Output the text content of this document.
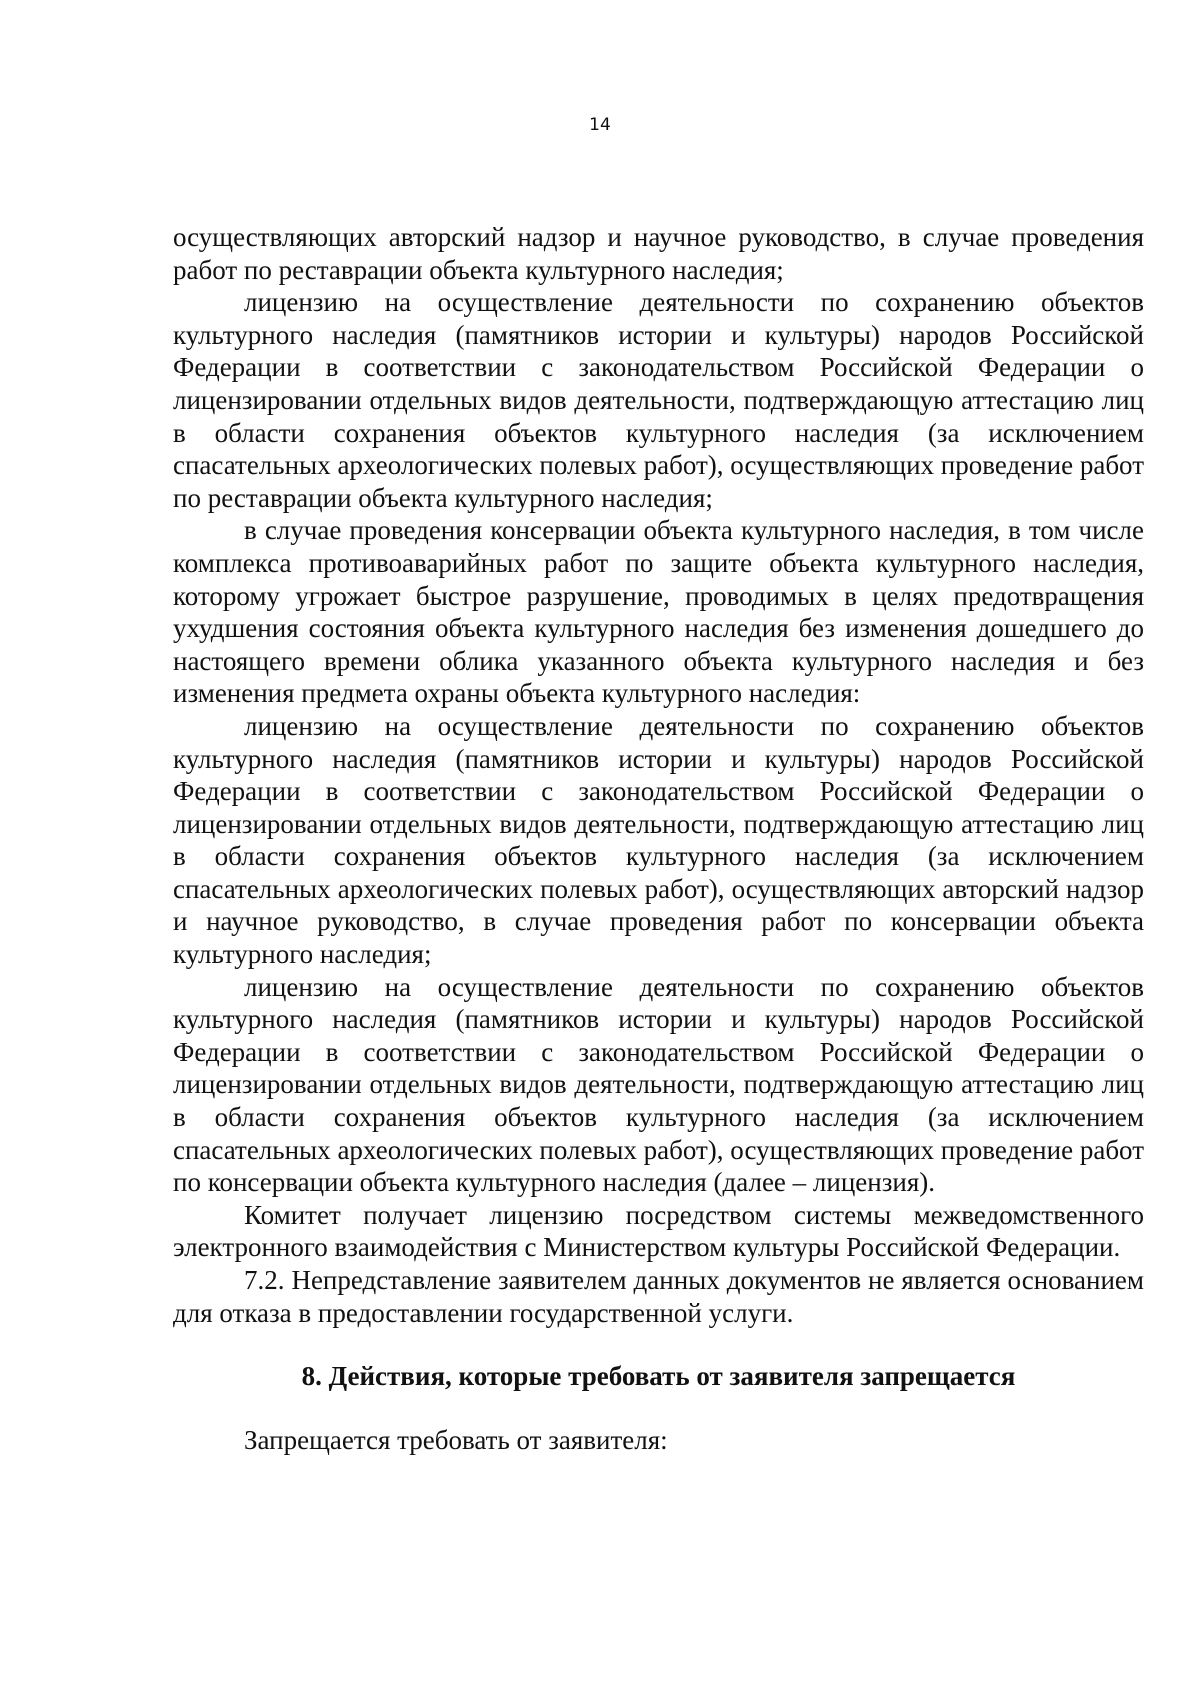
14

осуществляющих авторский надзор и научное руководство, в случае проведения работ по реставрации объекта культурного наследия;

лицензию на осуществление деятельности по сохранению объектов культурного наследия (памятников истории и культуры) народов Российской Федерации в соответствии с законодательством Российской Федерации о лицензировании отдельных видов деятельности, подтверждающую аттестацию лиц в области сохранения объектов культурного наследия (за исключением спасательных археологических полевых работ), осуществляющих проведение работ по реставрации объекта культурного наследия;

в случае проведения консервации объекта культурного наследия, в том числе комплекса противоаварийных работ по защите объекта культурного наследия, которому угрожает быстрое разрушение, проводимых в целях предотвращения ухудшения состояния объекта культурного наследия без изменения дошедшего до настоящего времени облика указанного объекта культурного наследия и без изменения предмета охраны объекта культурного наследия:

лицензию на осуществление деятельности по сохранению объектов культурного наследия (памятников истории и культуры) народов Российской Федерации в соответствии с законодательством Российской Федерации о лицензировании отдельных видов деятельности, подтверждающую аттестацию лиц в области сохранения объектов культурного наследия (за исключением спасательных археологических полевых работ), осуществляющих авторский надзор и научное руководство, в случае проведения работ по консервации объекта культурного наследия;

лицензию на осуществление деятельности по сохранению объектов культурного наследия (памятников истории и культуры) народов Российской Федерации в соответствии с законодательством Российской Федерации о лицензировании отдельных видов деятельности, подтверждающую аттестацию лиц в области сохранения объектов культурного наследия (за исключением спасательных археологических полевых работ), осуществляющих проведение работ по консервации объекта культурного наследия (далее – лицензия).

Комитет получает лицензию посредством системы межведомственного электронного взаимодействия с Министерством культуры Российской Федерации.

7.2. Непредставление заявителем данных документов не является основанием для отказа в предоставлении государственной услуги.

8. Действия, которые требовать от заявителя запрещается

Запрещается требовать от заявителя:
